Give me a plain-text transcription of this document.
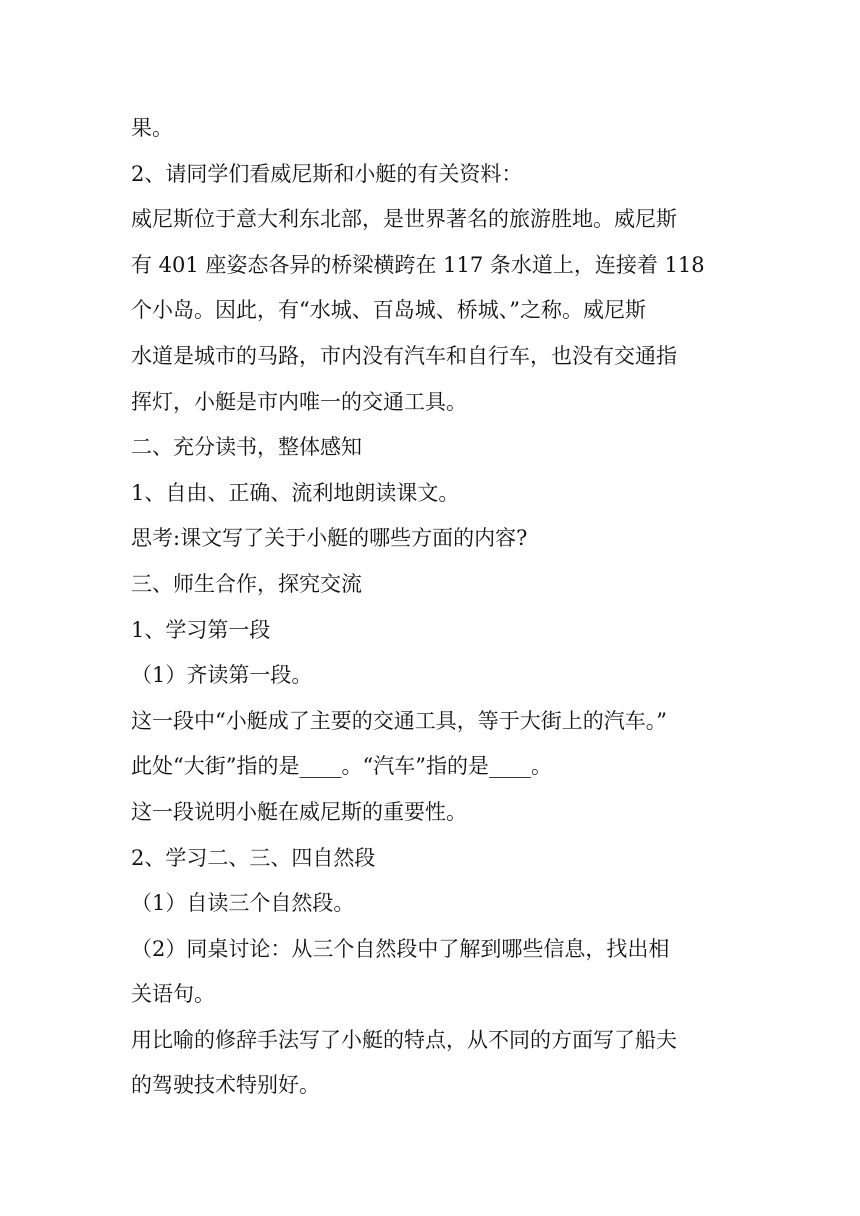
果。
2、请同学们看威尼斯和小艇的有关资料：
威尼斯位于意大利东北部，是世界著名的旅游胜地。威尼斯
有 401 座姿态各异的桥梁横跨在 117 条水道上，连接着 118
个小岛。因此，有“水城、百岛城、桥城、”之称。威尼斯
水道是城市的马路，市内没有汽车和自行车，也没有交通指
挥灯，小艇是市内唯一的交通工具。
二、充分读书，整体感知
1、自由、正确、流利地朗读课文。
思考:课文写了关于小艇的哪些方面的内容?
三、师生合作，探究交流
1、学习第一段
（1）齐读第一段。
这一段中“小艇成了主要的交通工具，等于大街上的汽车。”
此处“大街”指的是____。“汽车”指的是____。
这一段说明小艇在威尼斯的重要性。
2、学习二、三、四自然段
（1）自读三个自然段。
（2）同桌讨论：从三个自然段中了解到哪些信息，找出相
关语句。
用比喻的修辞手法写了小艇的特点，从不同的方面写了船夫
的驾驶技术特别好。
